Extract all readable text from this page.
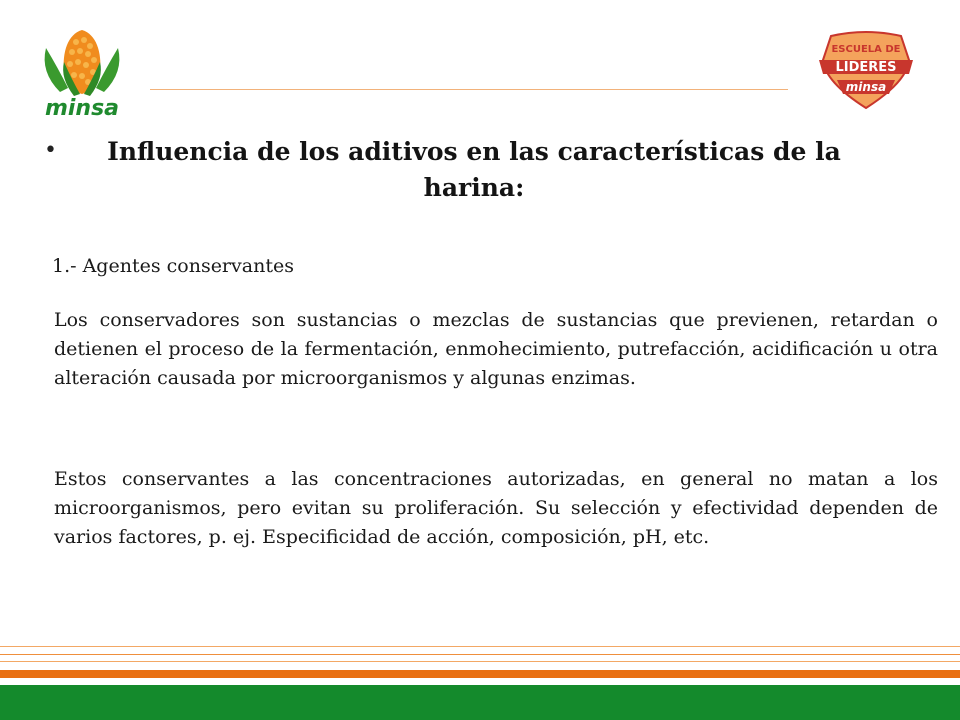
minsa
ESCUELA DE
LIDERES
minsa
•	Influencia de los aditivos en las características de la harina:

1.- Agentes conservantes

Los conservadores son sustancias o mezclas de sustancias que previenen, retardan o detienen el proceso de la fermentación, enmohecimiento, putrefacción, acidificación u otra alteración causada por microorganismos y algunas enzimas.

Estos conservantes a las concentraciones autorizadas, en general no matan a los microorganismos, pero evitan su proliferación. Su selección y efectividad dependen de varios factores, p. ej. Especificidad de acción, composición, pH, etc.
